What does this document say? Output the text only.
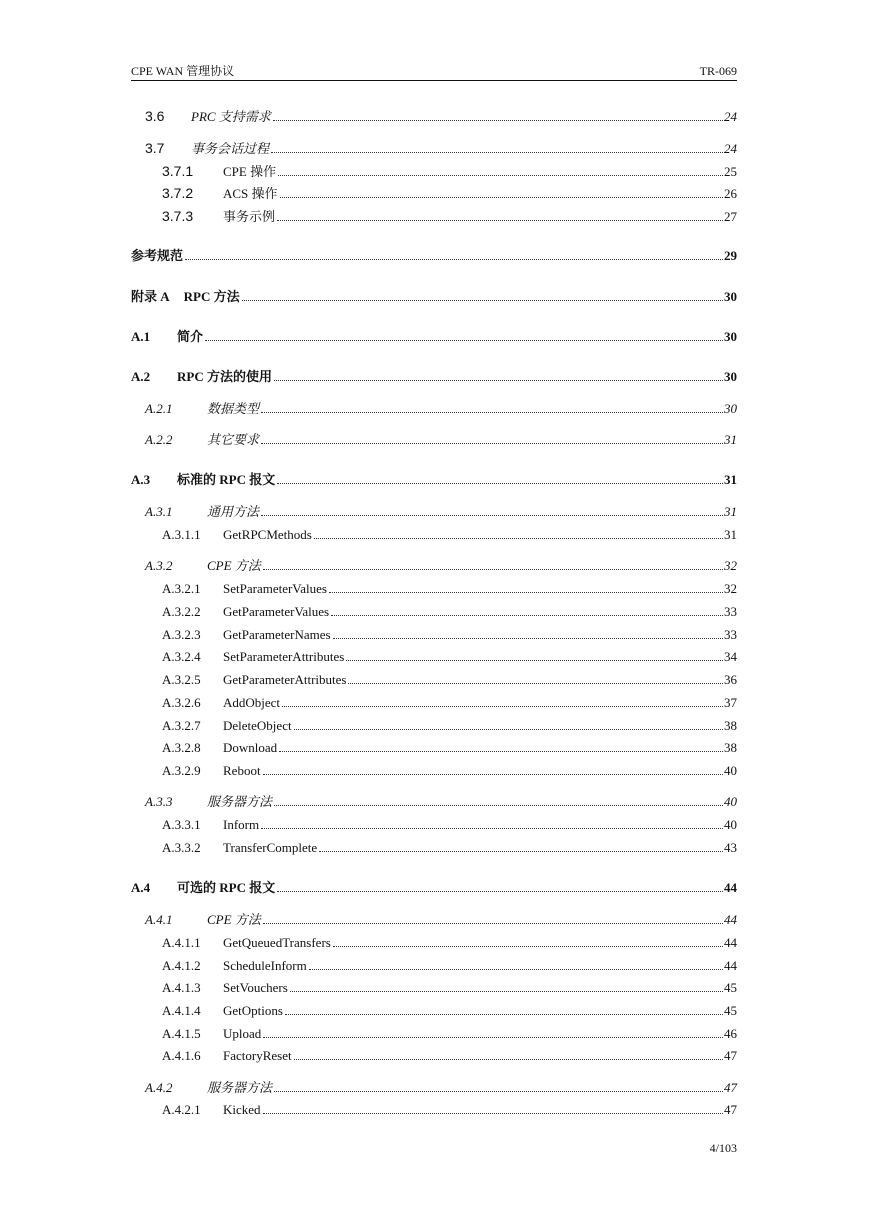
CPE WAN 管理协议	TR-069
3.6	PRC 支持需求	24
3.7	事务会话过程	24
3.7.1	CPE 操作	25
3.7.2	ACS 操作	26
3.7.3	事务示例	27
参考规范	29
附录 A RPC 方法	30
A.1	简介	30
A.2	RPC 方法的使用	30
A.2.1	数据类型	30
A.2.2	其它要求	31
A.3	标准的 RPC 报文	31
A.3.1	通用方法	31
A.3.1.1	GetRPCMethods	31
A.3.2	CPE 方法	32
A.3.2.1	SetParameterValues	32
A.3.2.2	GetParameterValues	33
A.3.2.3	GetParameterNames	33
A.3.2.4	SetParameterAttributes	34
A.3.2.5	GetParameterAttributes	36
A.3.2.6	AddObject	37
A.3.2.7	DeleteObject	38
A.3.2.8	Download	38
A.3.2.9	Reboot	40
A.3.3	服务器方法	40
A.3.3.1	Inform	40
A.3.3.2	TransferComplete	43
A.4	可选的 RPC 报文	44
A.4.1	CPE 方法	44
A.4.1.1	GetQueuedTransfers	44
A.4.1.2	ScheduleInform	44
A.4.1.3	SetVouchers	45
A.4.1.4	GetOptions	45
A.4.1.5	Upload	46
A.4.1.6	FactoryReset	47
A.4.2	服务器方法	47
A.4.2.1	Kicked	47
4/103
